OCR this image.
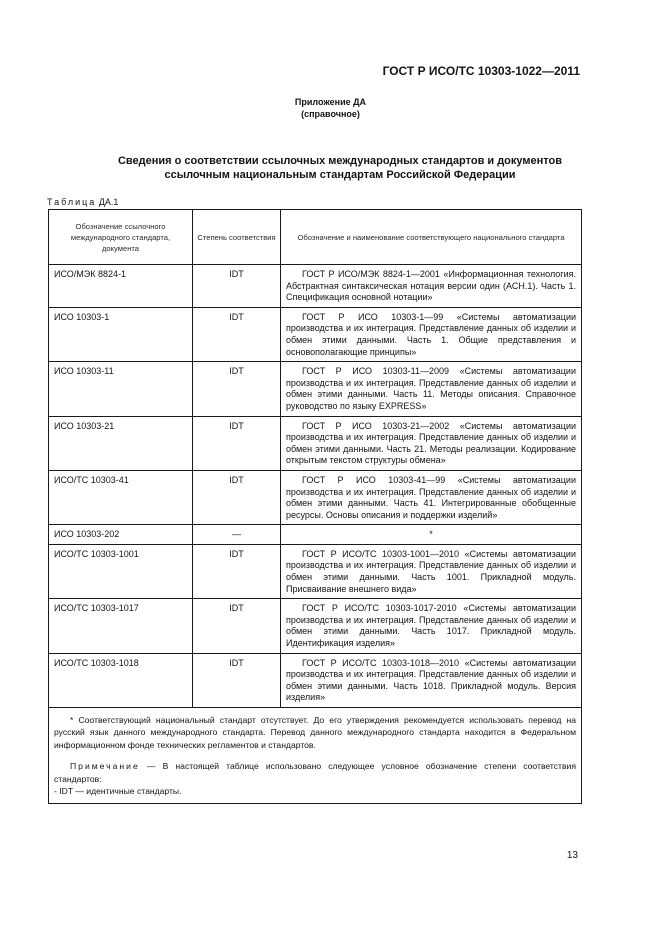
ГОСТ Р ИСО/ТС 10303-1022—2011
Приложение ДА
(справочное)
Сведения о соответствии ссылочных международных стандартов и документов
ссылочным национальным стандартам Российской Федерации
Таблица ДА.1
Обозначение ссылочного международного стандарта, документа	Степень соответствия	Обозначение и наименование соответствующего национального стандарта
ИСО/МЭК 8824-1	IDT	ГОСТ Р ИСО/МЭК 8824-1—2001 «Информационная технология. Абстрактная синтаксическая нотация версии один (АСН.1). Часть 1. Спецификация основной нотации»

ИСО 10303-1	IDT	ГОСТ Р ИСО 10303-1—99 «Системы автоматизации производства и их интеграция. Представление данных об изделии и обмен этими данными. Часть 1. Общие представления и основополагающие принципы»

ИСО 10303-11	IDT	ГОСТ Р ИСО 10303-11—2009 «Системы автоматизации производства и их интеграция. Представление данных об изделии и обмен этими данными. Часть 11. Методы описания. Справочное руководство по языку EXPRESS»

ИСО 10303-21	IDT	ГОСТ Р ИСО 10303-21—2002 «Системы автоматизации производства и их интеграция. Представление данных об изделии и обмен этими данными. Часть 21. Методы реализации. Кодирование открытым текстом структуры обмена»

ИСО/ТС 10303-41	IDT	ГОСТ Р ИСО 10303-41—99 «Системы автоматизации производства и их интеграция. Представление данных об изделии и обмен этими данными. Часть 41. Интегрированные обобщенные ресурсы. Основы описания и поддержки изделий»

ИСО 10303-202	—	*
ИСО/ТС 10303-1001	IDT	ГОСТ Р ИСО/ТС 10303-1001—2010 «Системы автоматизации производства и их интеграция. Представление данных об изделии и обмен этими данными. Часть 1001. Прикладной модуль. Присваивание внешнего вида»

ИСО/ТС 10303-1017	IDT	ГОСТ Р ИСО/ТС 10303-1017-2010 «Системы автоматизации производства и их интеграция. Представление данных об изделии и обмен этими данными. Часть 1017. Прикладной модуль. Идентификация изделия»

ИСО/ТС 10303-1018	IDT	ГОСТ Р ИСО/ТС 10303-1018—2010 «Системы автоматизации производства и их интеграция. Представление данных об изделии и обмен этими данными. Часть 1018. Прикладной модуль. Версия изделия»

* Соответствующий национальный стандарт отсутствует. До его утверждения рекомендуется использовать перевод на русский язык данного международного стандарта. Перевод данного международного стандарта находится в Федеральном информационном фонде технических регламентов и стандартов.

Примечание — В настоящей таблице использовано следующее условное обозначение степени соответствия стандартов:

- IDT — идентичные стандарты.		

13
